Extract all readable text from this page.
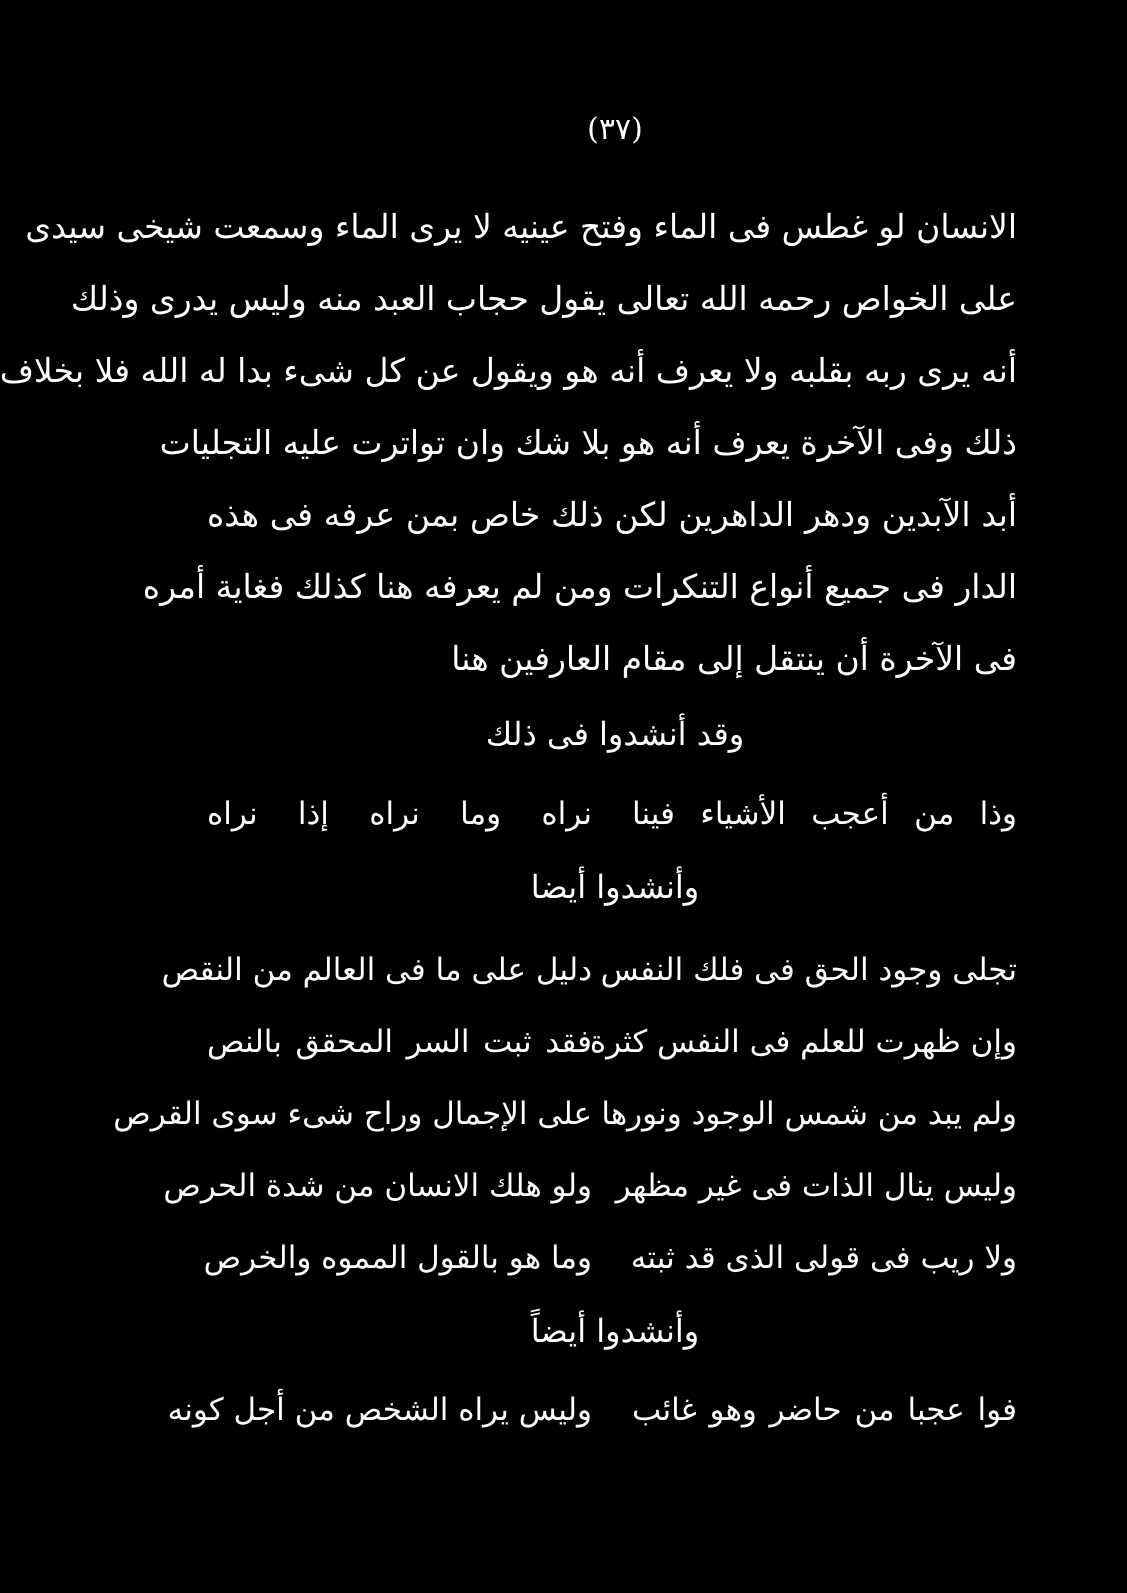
(٣٧)
الانسان لو غطس فى الماء وفتح عينيه لا يرى الماء وسمعت شيخى سيدى
على الخواص رحمه الله تعالى يقول حجاب العبد منه وليس يدرى وذلك
أنه يرى ربه بقلبه ولا يعرف أنه هو ويقول عن كل شىء بدا له الله فلا بخلاف
ذلك وفى الآخرة يعرف أنه هو بلا شك وان تواترت عليه التجليات
أبد الآبدين ودهر الداهرين لكن ذلك خاص بمن عرفه فى هذه
الدار فى جميع أنواع التنكرات ومن لم يعرفه هنا كذلك فغاية أمره
فى الآخرة أن ينتقل إلى مقام العارفين هنا
وقد أنشدوا فى ذلك
وذا من أعجب الأشياء فينا
نراه وما نراه إذا نراه
وأنشدوا أيضا
تجلى وجود الحق فى فلك النفس
دليل على ما فى العالم من النقص
وإن ظهرت للعلم فى النفس كثرة
فقد ثبت السر المحقق بالنص
ولم يبد من شمس الوجود ونورها
على الإجمال وراح شىء سوى القرص
وليس ينال الذات فى غير مظهر
ولو هلك الانسان من شدة الحرص
ولا ريب فى قولى الذى قد ثبته
وما هو بالقول المموه والخرص
وأنشدوا أيضاً
فوا عجبا من حاضر وهو غائب
وليس يراه الشخص من أجل كونه
